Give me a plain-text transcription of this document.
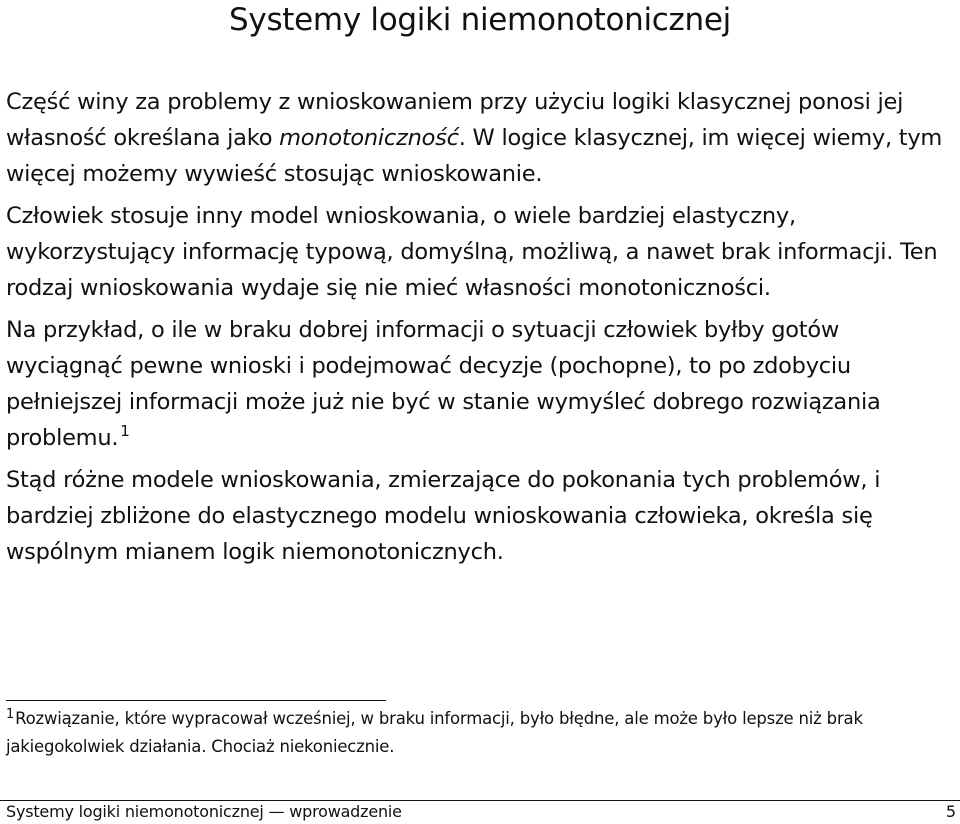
Systemy logiki niemonotonicznej

Część winy za problemy z wnioskowaniem przy użyciu logiki klasycznej ponosi jej własność określana jako monotoniczność. W logice klasycznej, im więcej wiemy, tym więcej możemy wywieść stosując wnioskowanie.

Człowiek stosuje inny model wnioskowania, o wiele bardziej elastyczny, wykorzystujący informację typową, domyślną, możliwą, a nawet brak informacji. Ten rodzaj wnioskowania wydaje się nie mieć własności monotoniczności.

Na przykład, o ile w braku dobrej informacji o sytuacji człowiek byłby gotów wyciągnąć pewne wnioski i podejmować decyzje (pochopne), to po zdobyciu pełniejszej informacji może już nie być w stanie wymyśleć dobrego rozwiązania problemu. $^1$

Stąd różne modele wnioskowania, zmierzające do pokonania tych problemów, i bardziej zbliżone do elastycznego modelu wnioskowania człowieka, określa się wspólnym mianem logik niemonotonicznych.

$^1$Rozwiązanie, które wypracował wcześniej, w braku informacji, było błędne, ale może było lepsze niż brak jakiegokolwiek działania. Chociaż niekoniecznie.
Systemy logiki niemonotonicznej — wprowadzenie	5
